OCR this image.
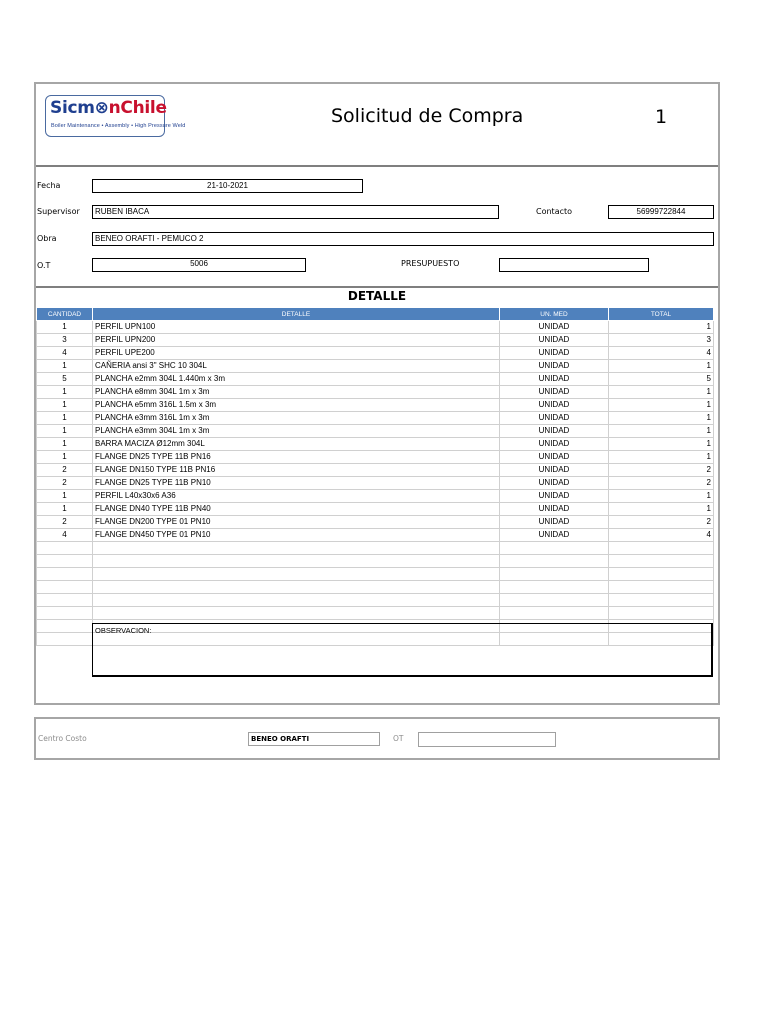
Sicm⊗nChile
Boiler Maintenance • Assembly • High Pressure Weld	Solicitud de Compra	1
Fecha	21-10-2021
Supervisor	RUBEN IBACA	Contacto	56999722844
Obra	BENEO ORAFTI - PEMUCO 2
O.T	5006	PRESUPUESTO
DETALLE
CANTIDAD	DETALLE	UN. MED	TOTAL
1	PERFIL UPN100	UNIDAD	1
3	PERFIL UPN200	UNIDAD	3
4	PERFIL UPE200	UNIDAD	4
1	CAÑERIA ansi 3" SHC 10 304L	UNIDAD	1
5	PLANCHA e2mm 304L 1.440m x 3m	UNIDAD	5
1	PLANCHA e8mm 304L 1m x 3m	UNIDAD	1
1	PLANCHA e5mm 316L 1.5m x 3m	UNIDAD	1
1	PLANCHA e3mm 316L 1m x 3m	UNIDAD	1
1	PLANCHA e3mm 304L 1m x 3m	UNIDAD	1
1	BARRA MACIZA Ø12mm 304L	UNIDAD	1
1	FLANGE DN25 TYPE 11B PN16	UNIDAD	1
2	FLANGE DN150 TYPE 11B PN16	UNIDAD	2
2	FLANGE DN25 TYPE 11B PN10	UNIDAD	2
1	PERFIL L40x30x6 A36	UNIDAD	1
1	FLANGE DN40 TYPE 11B PN40	UNIDAD	1
2	FLANGE DN200 TYPE 01 PN10	UNIDAD	2
4	FLANGE DN450 TYPE 01 PN10	UNIDAD	4

OBSERVACION:
Centro Costo	BENEO ORAFTI	OT
